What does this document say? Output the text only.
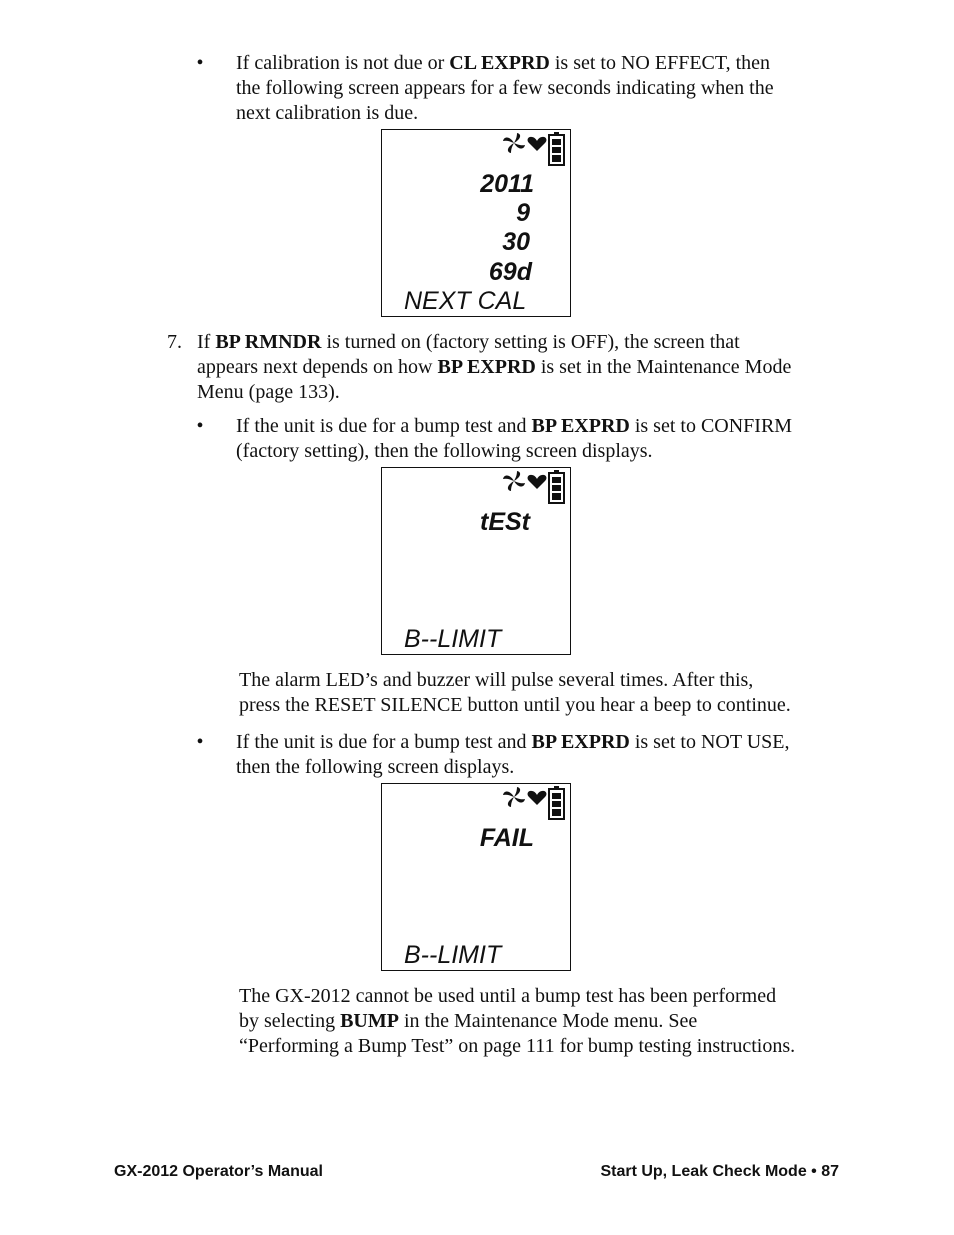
•	If calibration is not due or CL EXPRD is set to NO EFFECT, then
the following screen appears for a few seconds indicating when the
next calibration is due.
2011
9
30
69d
NEXT CAL
7. If BP RMNDR is turned on (factory setting is OFF), the screen that
appears next depends on how BP EXPRD is set in the Maintenance Mode
Menu (page 133).
•	If the unit is due for a bump test and BP EXPRD is set to CONFIRM
(factory setting), then the following screen displays.
tESt
B--LIMIT
The alarm LED’s and buzzer will pulse several times. After this,
press the RESET SILENCE button until you hear a beep to continue.
•	If the unit is due for a bump test and BP EXPRD is set to NOT USE,
then the following screen displays.
FAIL
B--LIMIT
The GX-2012 cannot be used until a bump test has been performed
by selecting BUMP in the Maintenance Mode menu. See
“Performing a Bump Test” on page 111 for bump testing instructions.
GX-2012 Operator’s Manual	Start Up, Leak Check Mode • 87
